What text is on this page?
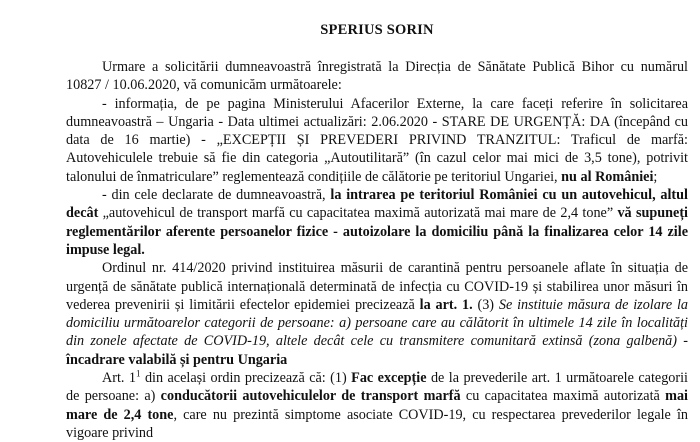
SPERIUS SORIN

Urmare a solicitării dumneavoastră înregistrată la Direcția de Sănătate Publică Bihor cu numărul 10827 / 10.06.2020, vă comunicăm următoarele:

- informația, de pe pagina Ministerului Afacerilor Externe, la care faceți referire în solicitarea dumneavoastră – Ungaria - Data ultimei actualizări: 2.06.2020 - STARE DE URGENȚĂ: DA (începând cu data de 16 martie) - „EXCEPȚII ȘI PREVEDERI PRIVIND TRANZITUL: Traficul de marfă: Autovehiculele trebuie să fie din categoria „Autoutilitară” (în cazul celor mai mici de 3,5 tone), potrivit talonului de înmatriculare” reglementează condițiile de călătorie pe teritoriul Ungariei, nu al României;

- din cele declarate de dumneavoastră, la intrarea pe teritoriul României cu un autovehicul, altul decât „autovehicul de transport marfă cu capacitatea maximă autorizată mai mare de 2,4 tone” vă supuneți reglementărilor aferente persoanelor fizice - autoizolare la domiciliu până la finalizarea celor 14 zile impuse legal.

Ordinul nr. 414/2020 privind instituirea măsurii de carantină pentru persoanele aflate în situația de urgență de sănătate publică internațională determinată de infecția cu COVID-19 și stabilirea unor măsuri în vederea prevenirii și limitării efectelor epidemiei precizează la art. 1. (3) Se instituie măsura de izolare la domiciliu următoarelor categorii de persoane: a) persoane care au călătorit în ultimele 14 zile în localități din zonele afectate de COVID-19, altele decât cele cu transmitere comunitară extinsă (zona galbenă) - încadrare valabilă și pentru Ungaria

Art. $1^1$ din același ordin precizează că: (1) Fac excepție de la prevederile art. 1 următoarele categorii de persoane: a) conducătorii autovehiculelor de transport marfă cu capacitatea maximă autorizată mai mare de 2,4 tone, care nu prezintă simptome asociate COVID-19, cu respectarea prevederilor legale în vigoare privind
